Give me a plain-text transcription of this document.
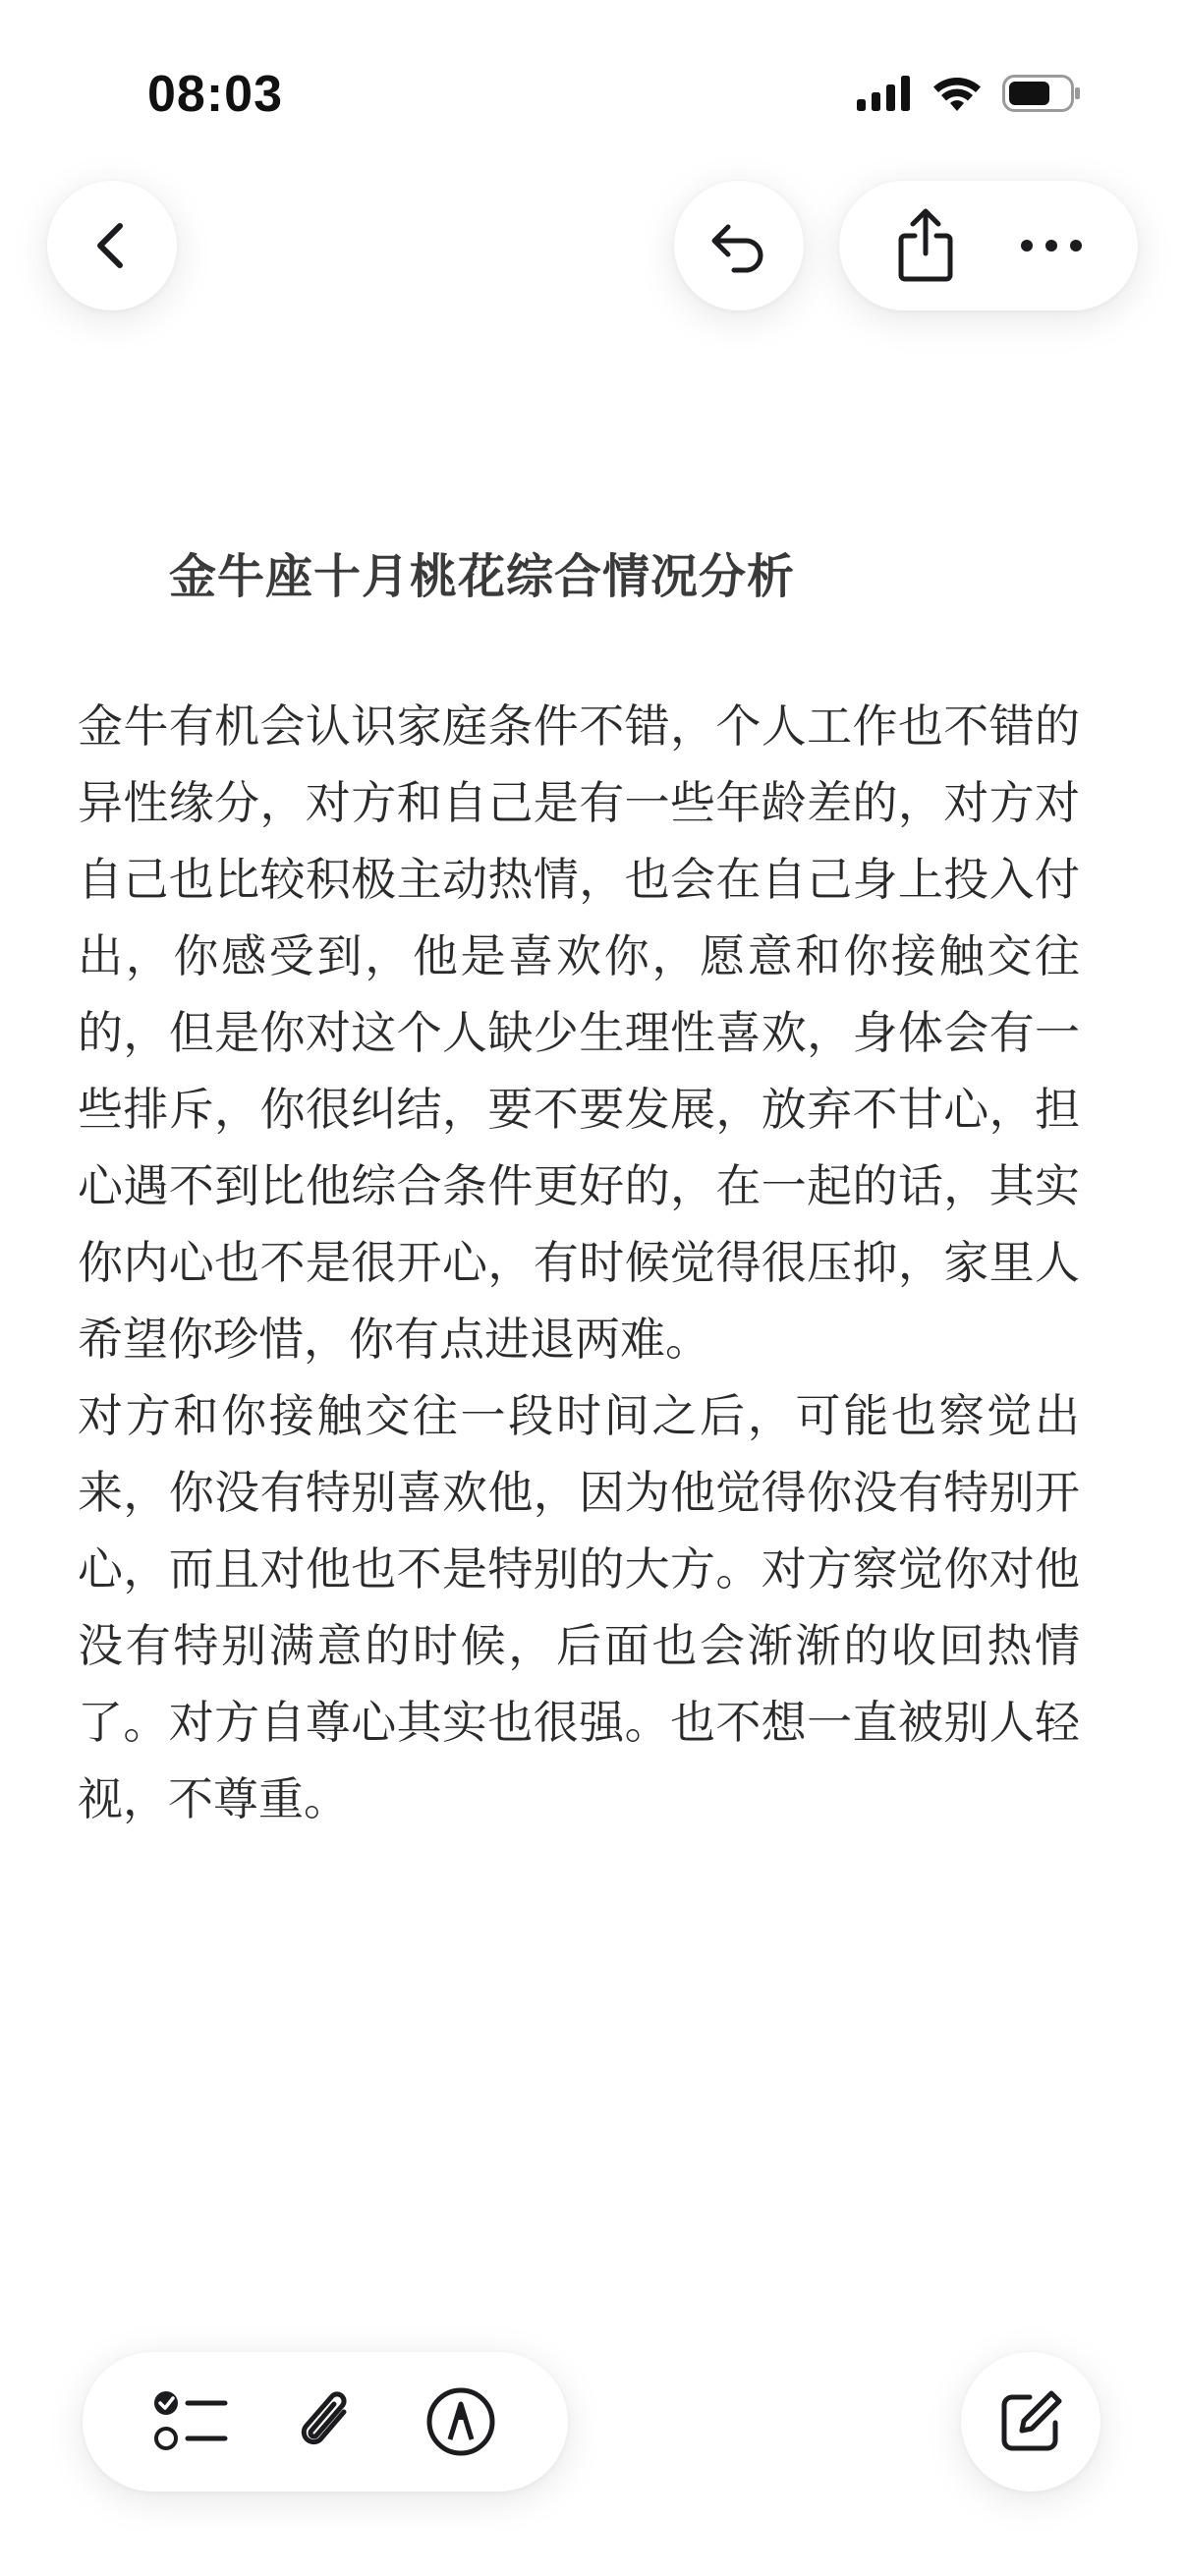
08:03
金牛座十月桃花综合情况分析

金牛有机会认识家庭条件不错，个人工作也不错的异性缘分，对方和自己是有一些年龄差的，对方对自己也比较积极主动热情，也会在自己身上投入付出，你感受到，他是喜欢你，愿意和你接触交往的，但是你对这个人缺少生理性喜欢，身体会有一些排斥，你很纠结，要不要发展，放弃不甘心，担心遇不到比他综合条件更好的，在一起的话，其实你内心也不是很开心，有时候觉得很压抑，家里人希望你珍惜，你有点进退两难。

对方和你接触交往一段时间之后，可能也察觉出来，你没有特别喜欢他，因为他觉得你没有特别开心，而且对他也不是特别的大方。对方察觉你对他没有特别满意的时候，后面也会渐渐的收回热情了。对方自尊心其实也很强。也不想一直被别人轻视，不尊重。
